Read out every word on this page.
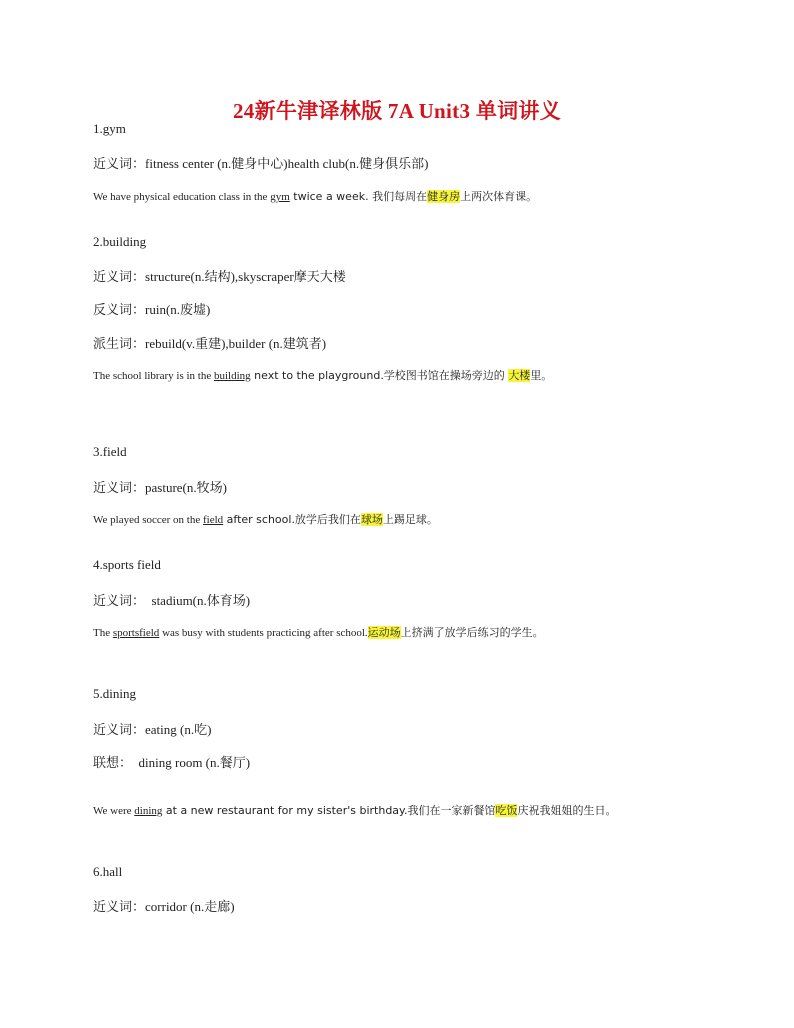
24新牛津译林版 7A Unit3 单词讲义
1.gym
近义词：fitness center (n.健身中心)health club(n.健身俱乐部)
We have physical education class in the gym twice a week. 我们每周在健身房上两次体育课。
2.building
近义词：structure(n.结构),skyscraper摩天大楼
反义词：ruin(n.废墟)
派生词：rebuild(v.重建),builder (n.建筑者)
The school library is in the building next to the playground.学校图书馆在操场旁边的 大楼里。
3.field
近义词：pasture(n.牧场)
We played soccer on the field after school.放学后我们在球场上踢足球。
4.sports field
近义词：  stadium(n.体育场)
The sportsfield was busy with students practicing after school.运动场上挤满了放学后练习的学生。
5.dining
近义词：eating (n.吃)
联想：  dining room (n.餐厅)
We were dining at a new restaurant for my sister's birthday.我们在一家新餐馆吃饭庆祝我姐姐的生日。
6.hall
近义词：corridor (n.走廊)
